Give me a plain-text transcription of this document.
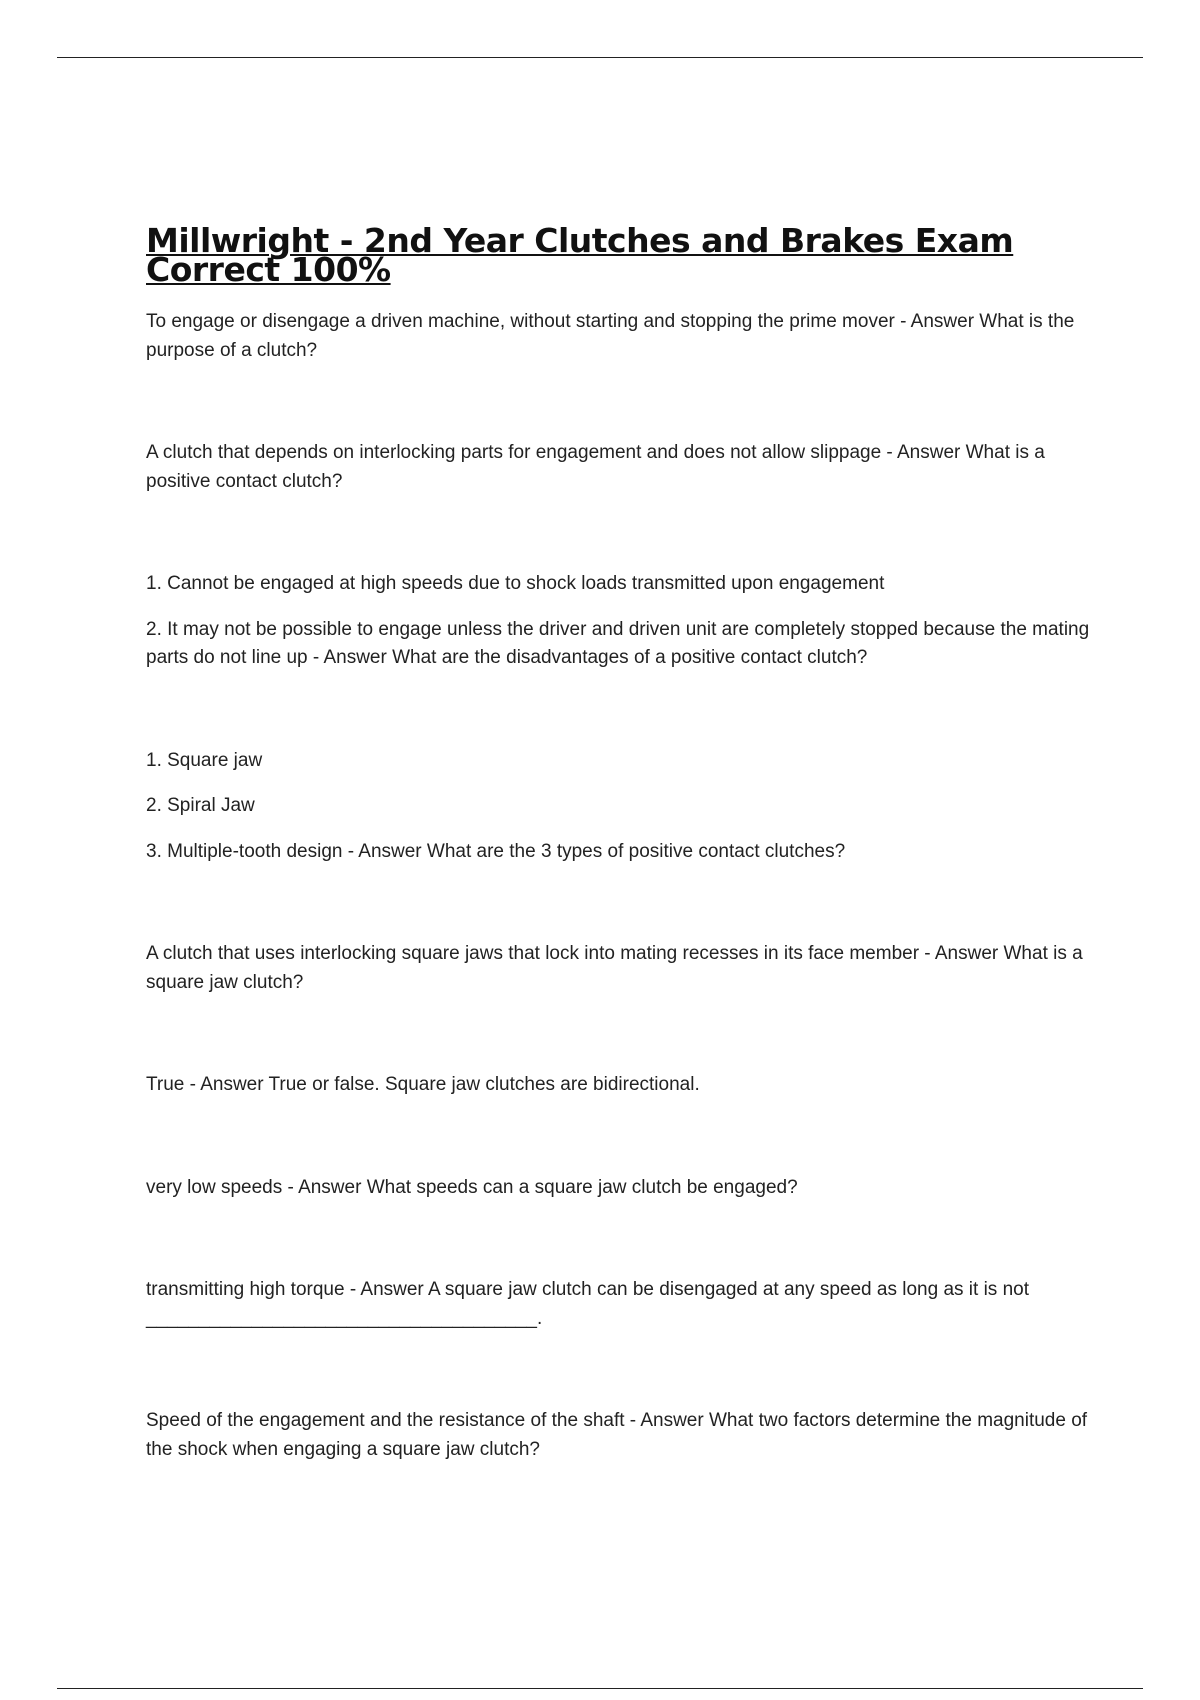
Millwright - 2nd Year Clutches and Brakes Exam Correct 100%

To engage or disengage a driven machine, without starting and stopping the prime mover - Answer What is the purpose of a clutch?

A clutch that depends on interlocking parts for engagement and does not allow slippage - Answer What is a positive contact clutch?

1. Cannot be engaged at high speeds due to shock loads transmitted upon engagement

2. It may not be possible to engage unless the driver and driven unit are completely stopped because the mating parts do not line up - Answer What are the disadvantages of a positive contact clutch?

1. Square jaw

2. Spiral Jaw

3. Multiple-tooth design - Answer What are the 3 types of positive contact clutches?

A clutch that uses interlocking square jaws that lock into mating recesses in its face member - Answer What is a square jaw clutch?

True - Answer True or false. Square jaw clutches are bidirectional.

very low speeds - Answer What speeds can a square jaw clutch be engaged?

transmitting high torque - Answer A square jaw clutch can be disengaged at any speed as long as it is not _____________________________________.

Speed of the engagement and the resistance of the shaft - Answer What two factors determine the magnitude of the shock when engaging a square jaw clutch?
